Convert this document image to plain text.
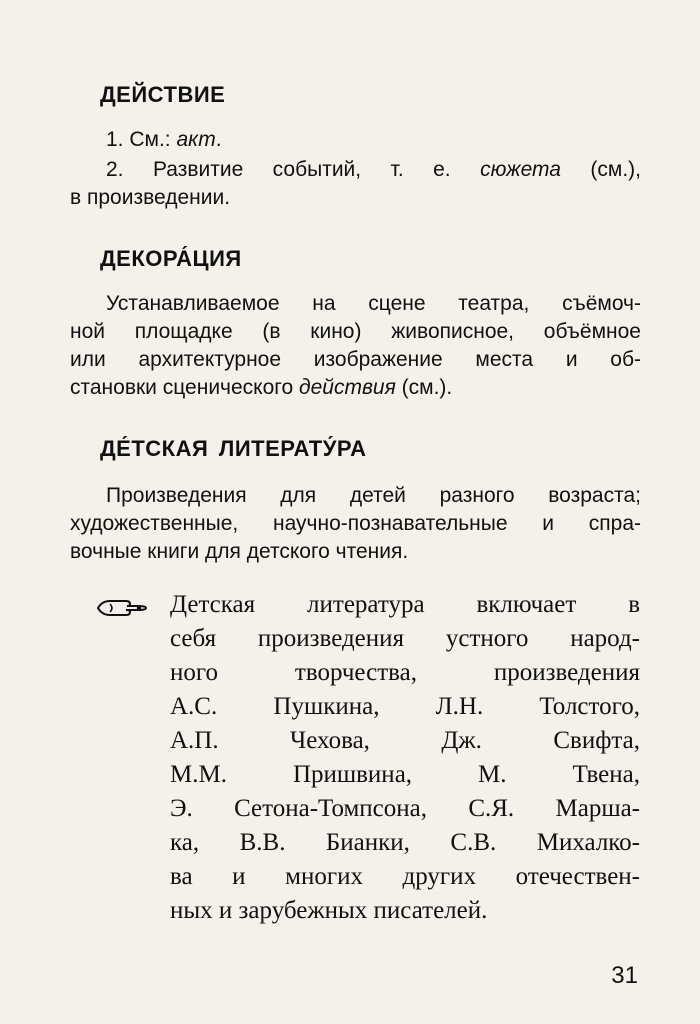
ДЕЙСТВИЕ

1. См.: акт.

2. Развитие событий, т. е. сюжета (см.),

в произведении.

ДЕКОРА́ЦИЯ

Устанавливаемое на сцене театра, съёмоч-

ной площадке (в кино) живописное, объёмное

или архитектурное изображение места и об-

становки сценического действия (см.).

ДЕ́ТСКАЯ ЛИТЕРАТУ́РА

Произведения для детей разного возраста;

художественные, научно-познавательные и спра-

вочные книги для детского чтения.

Детская литература включает в

себя произведения устного народ-

ного творчества, произведения

А.С. Пушкина, Л.Н. Толстого,

А.П. Чехова, Дж. Свифта,

М.М. Пришвина, М. Твена,

Э. Сетона-Томпсона, С.Я. Марша-

ка, В.В. Бианки, С.В. Михалко-

ва и многих других отечествен-

ных и зарубежных писателей.

31
